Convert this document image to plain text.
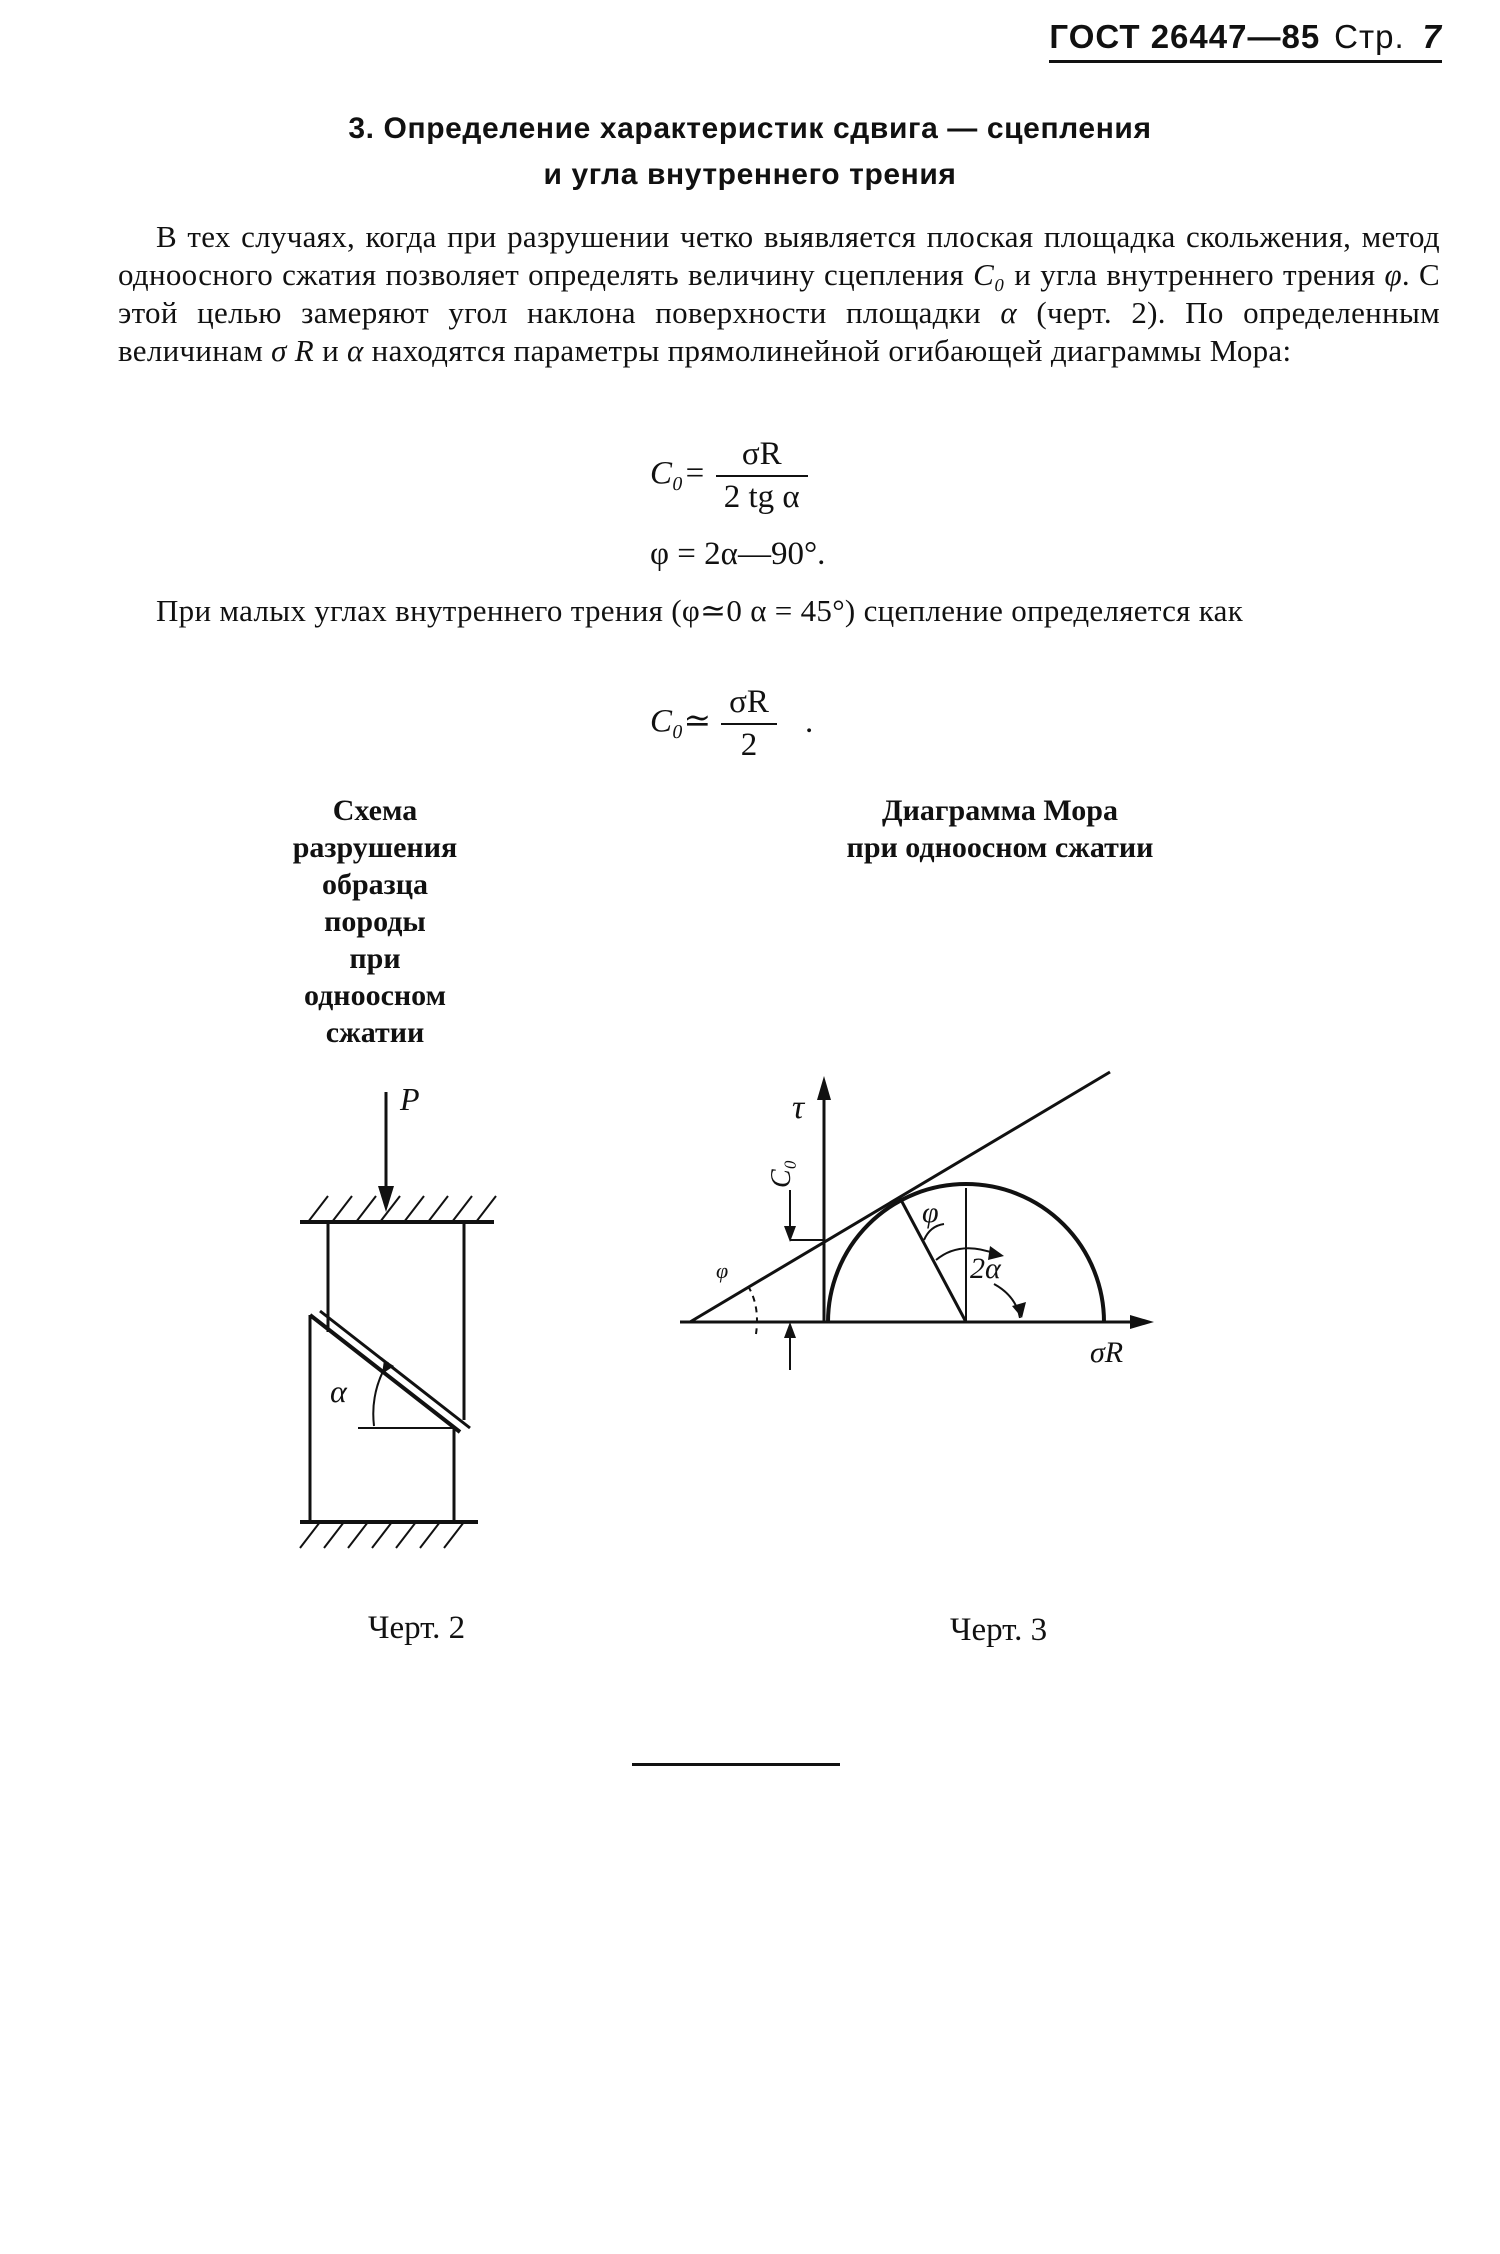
ГОСТ 26447—85 Стр. 7
3. Определение характеристик сдвига — сцепления
и угла внутреннего трения
В тех случаях, когда при разрушении четко выявляется плоская площадка скольжения, метод одноосного сжатия позволяет определять величину сцепления C₀ и угла внутреннего трения φ. С этой целью замеряют угол наклона поверхности площадки α (черт. 2). По определенным величинам σ R и α находятся параметры прямолинейной огибающей диаграммы Мора:
$C_0= \frac{\sigma R}{\text{2 tg α}}$
φ = 2α—90°.
При малых углах внутреннего трения (φ≃0 α = 45°) сцепление определяется как
C₀≃ $\frac{\sigma R}{2}$ .
Схема
разрушения
образца
породы
при
одноосном
сжатии
Диаграмма Мора
при одноосном сжатии
P
α
τ
C₀
φ
φ	2α
σR
Черт. 2	Черт. 3
